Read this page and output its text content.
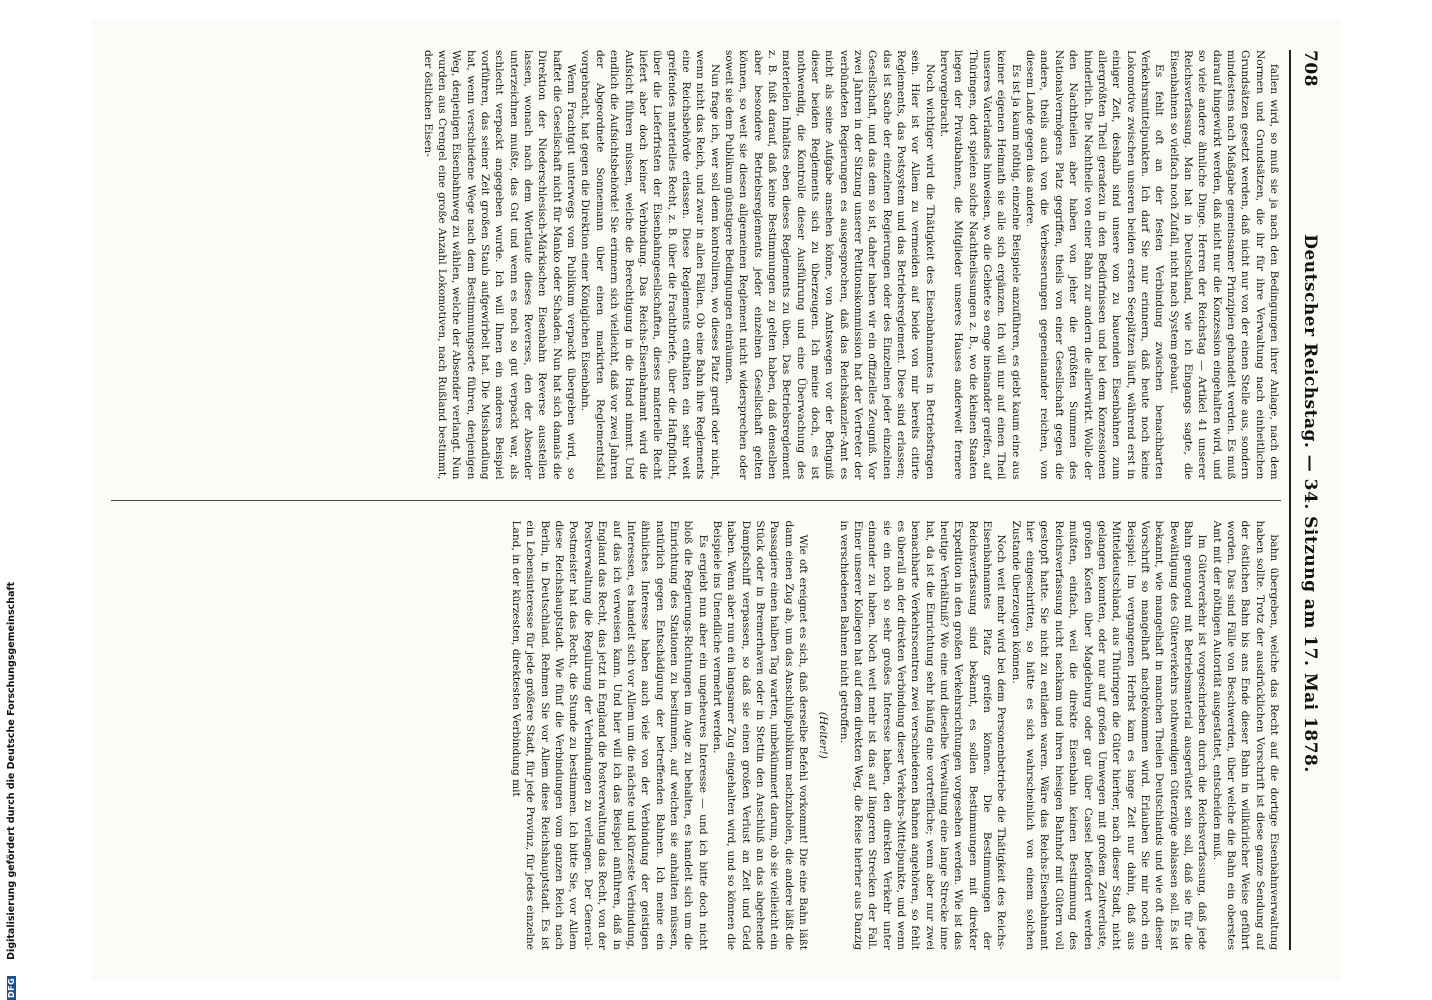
708
Deutscher Reichstag. — 34. Sitzung am 17. Mai 1878.

fallen wird, so muß sie ja nach den Bedingungen ihrer Anlage, nach dem Normen und Grundsätzen, die ihr für ihre Verwaltung nach einheitlichen Grundsätzen gesetzt werden, daß nicht nur von der einen Stelle aus, sondern mindestens nach Maßgabe gemeinsamer Prinzipien gehandelt werden. Es muß darauf hingewirkt werden, daß nicht nur die Konzession eingehalten wird, und so viele andere ähnliche Dinge. Herren der Reichstag — Artikel 41 unserer Reichsverfassung. Man hat in Deutschland, wie ich Eingangs sagte, die Eisenbahnen so vielfach noch Zufall, nicht nach System gebaut.

Es fehlt oft an der festen Verbindung zwischen benachbarten Verkehrsmittelpunkten. Ich darf Sie nur erinnern, daß heute noch keine Lokomotive zwischen unseren beiden ersten Seeplätzen läuft, während erst in einiger Zeit, deshalb sind unsere von zu bauenden Eisenbahnen zum allergrößten Theil geradezu in den Bedürfnissen und bei dem Konzessionen hinderlich. Die Nachtheile von einer Bahn zur andern die allerwirkt. Wolle der den Nachtheilen aber haben von jeher die größten Summen des Nationalvermögens Platz gegriffen, theils von einer Gesellschaft gegen die andere, theils auch von die Verbesserungen gegeneinander reichen, von diesem Lande gegen das andere.

Es ist ja kaum nöthig, einzelne Beispiele anzuführen, es giebt kaum eine aus keiner eigenen Heimath sie alle sich ergänzen. Ich will nur auf einen Theil unseres Vaterlandes hinweisen, wo die Gebiete so enge ineinander greifen, auf Thüringen, dort spielen solche Nachtheilssungen z. B., wo die kleinen Staaten liegen der Privatbahnen, die Mitglieder unseres Hauses anderweit fernere hervorgebracht.

Noch wichtiger wird die Thätigkeit des Eisenbahnamtes in Betriebsfragen sein. Hier ist vor Allem zu vermeiden auf beide von mir bereits citirte Reglements, das Postsystem und das Betriebsreglement. Diese sind erlassen; das ist Sache der einzelnen Regierungen oder des Einzelnen jeder einzelnen Gesellschaft, und das dem so ist, daher haben wir ein offizielles Zeugniß. Vor zwei Jahren in der Sitzung unserer Petitionskommission hat der Vertreter der verbündeten Regierungen es ausgesprochen, daß das Reichskanzler-Amt es nicht als seine Aufgabe ansehen könne, von Amtswegen vor der Befugniß dieser beiden Reglements sich zu überzeugen. Ich meine doch, es ist nothwendig, die Kontrolle dieser Ausführung und eine Überwachung des materiellen Inhaltes eben dieses Reglements zu üben. Das Betriebsreglement z. B. fußt darauf, daß keine Bestimmungen zu gelten haben, daß denselben aber besondere Betriebsreglements jeder einzelnen Gesellschaft gelten können, so weit sie diesen allgemeinen Reglement nicht widersprechen oder soweit sie dem Publikum günstigere Bedingungen einräumen.

Nun frage ich, wer soll denn kontrolliren, wo dieses Platz greift oder nicht, wenn nicht das Reich, und zwar in allen Fällen. Ob eine Bahn ihre Reglements eine Reichsbehörde erlassen. Diese Reglements enthalten ein sehr weit greifendes materielles Recht, z. B. über die Frachtbriefe, über die Haftpflicht, über die Lieferfristen der Eisenbahngesellschaften, dieses materielle Recht liefert aber doch keiner Verbindung. Das Reichs-Eisenbahnamt wird die Aufsicht führen müssen, welche die Berechtigung in die Hand nimmt. Und endlich die Aufsichtsbehörde! Sie erinnern sich vielleicht, daß vor zwei Jahren der Abgeordnete Sonnemann über einen markirten Reglementsfall vorgebracht, hat gegen die Direktion einer Königlichen Eisenbahn.

Wenn Frachtgut unterwegs vom Publikum verpackt übergeben wird, so haftet die Gesellschaft nicht für Manko oder Schaden. Nun hat sich damals die Direktion der Niederschlesisch-Märkischen Eisenbahn Reverse ausstellen lassen, wonach nach dem Wortlaute dieses Reverses, den der Absender unterzeichnen mußte, das Gut und wenn es noch so gut verpackt war, als schlecht verpackt angegeben wurde. Ich will Ihnen ein anderes Beispiel vorführen, das seiner Zeit großen Staub aufgewirbelt hat. Die Misshandlung hat, wenn verschiedene Wege nach dem Bestimmungsorte führen, denjenigen Weg, denjenigen Eisenbahnweg zu wählen, welche der Absender verlangt. Nun wurden aus Crengel eine große Anzahl Lokomotiven, nach Rußland bestimmt, der östlichen Eisen-

bahn übergeben, welche das Recht auf die dortige Eisenbahnverwaltung haben sollte. Trotz der ausdrücklichen Vorschrift ist diese ganze Sendung auf der östlichen Bahn bis ans Ende dieser Bahn in willkürlicher Weise geführt worden. Das sind Fälle von Beschwerden, über welche die Bahn ein oberstes Amt mit der nöthigen Autorität ausgestattet, entscheiden muß.

Im Güterverkehr ist vorgeschrieben durch die Reichsverfassung, daß jede Bahn genugend mit Betriebsmaterial ausgerüstet sein soll, daß sie für die Bewältigung des Güterverkehrs nothwendigen Güterzüge ablassen soll. Es ist bekannt, wie mangelhaft in manchen Theilen Deutschlands und wie oft dieser Vorschrift so mangelhaft nachgekommen wird. Erlauben Sie mir noch ein Beispiel: Im vergangenen Herbst kam es lange Zeit nur dahin, daß aus Mitteldeutschland, aus Thüringen die Güter hierher, nach dieser Stadt, nicht gelangen konnten, oder nur auf großen Umwegen mit großem Zeitverluste, großen Kosten über Magdeburg oder gar über Cassel befördert werden mußten, einfach, weil die direkte Eisenbahn keinen Bestimmung des Reichsverfassung nicht nachkam und ihren hiesigen Bahnhof mit Gütern voll gestopft hatte. Sie nicht zu entladen waren. Wäre das Reichs-Eisenbahnamt hier eingeschritten, so hätte es sich wahrscheinlich von einem solchen Zustande überzeugen können.

Noch weit mehr wird bei dem Personenbetriebe die Thätigkeit des Reichs-Eisenbahnamtes Platz greifen können. Die Bestimmungen der Reichsverfassung sind bekannt, es sollen Bestimmungen mit direkter Expedition in den großen Verkehrsrichtungen vorgesehen werden. Wie ist das heutige Verhältniß? Wo eine und dieselbe Verwaltung eine lange Strecke inne hat, da ist die Einrichtung sehr häufig eine vortreffliche; wenn aber nur zwei benachbarte Verkehrscentren zwei verschiedenen Bahnen angehören, so fehlt es überall an der direkten Verbindung dieser Verkehrs-Mittelpunkte, und wenn sie ein noch so sehr großes Interesse haben, den direkten Verkehr unter einander zu haben. Noch weit mehr ist das auf längeren Strecken der Fall. Einer unserer Kollegen hat auf dem direkten Weg, die Reise hierher aus Danzig in verschiedenen Bahnen nicht getroffen.

(Heiter!)

Wie oft ereignet es sich, daß derselbe Befehl vorkommt! Die eine Bahn läßt dann einen Zug ab, um das Anschlußpublikum nachzuholen, die andere läßt die Passagiere einen halben Tag warten, unbekümmert darum, ob sie vielleicht ein Stück oder in Bremerhaven oder in Stettin den Anschluß an das abgehende Dampfschiff verpassen, so daß sie einen großen Verlust an Zeit und Geld haben. Wenn aber nun ein langsamer Zug eingehalten wird, und so können die Beispiele ins Unendliche vermehrt werden.

Es ergiebt nun aber ein ungeheures Interesse — und ich bitte doch nicht bloß die Regierungs-Richtungen im Auge zu behalten, es handelt sich um die Einrichtung des Stationen zu bestimmen, auf welchen sie anhalten müssen, natürlich gegen Entschädigung der betreffenden Bahnen. Ich meine ein ähnliches Interesse haben auch viele von der Verbindung der geistigen Interessen, es handelt sich vor Allem um die nächste und kürzeste Verbindung, auf das ich verweisen kann. Und hier will ich das Beispiel anführen, daß in England das Recht, das jetzt in England die Postverwaltung das Recht, von der Postverwaltung die Regulirung der Verbindungen zu verlangen. Der General-Postmeister hat das Recht, die Stunde zu bestimmen. Ich bitte Sie, vor Allem diese Reichshauptstadt. Wie fünf die Verbindungen vom ganzen Reich nach Berlin, in Deutschland. Rehmen Sie vor Allem diese Reichshauptstadt. Es ist ein Lebensinteresse für jede größere Stadt, für jede Provinz, für jedes einzelne Land, in der kürzesten, direktesten Verbindung mit

DFG
Digitalisierung gefördert durch die Deutsche Forschungsgemeinschaft
